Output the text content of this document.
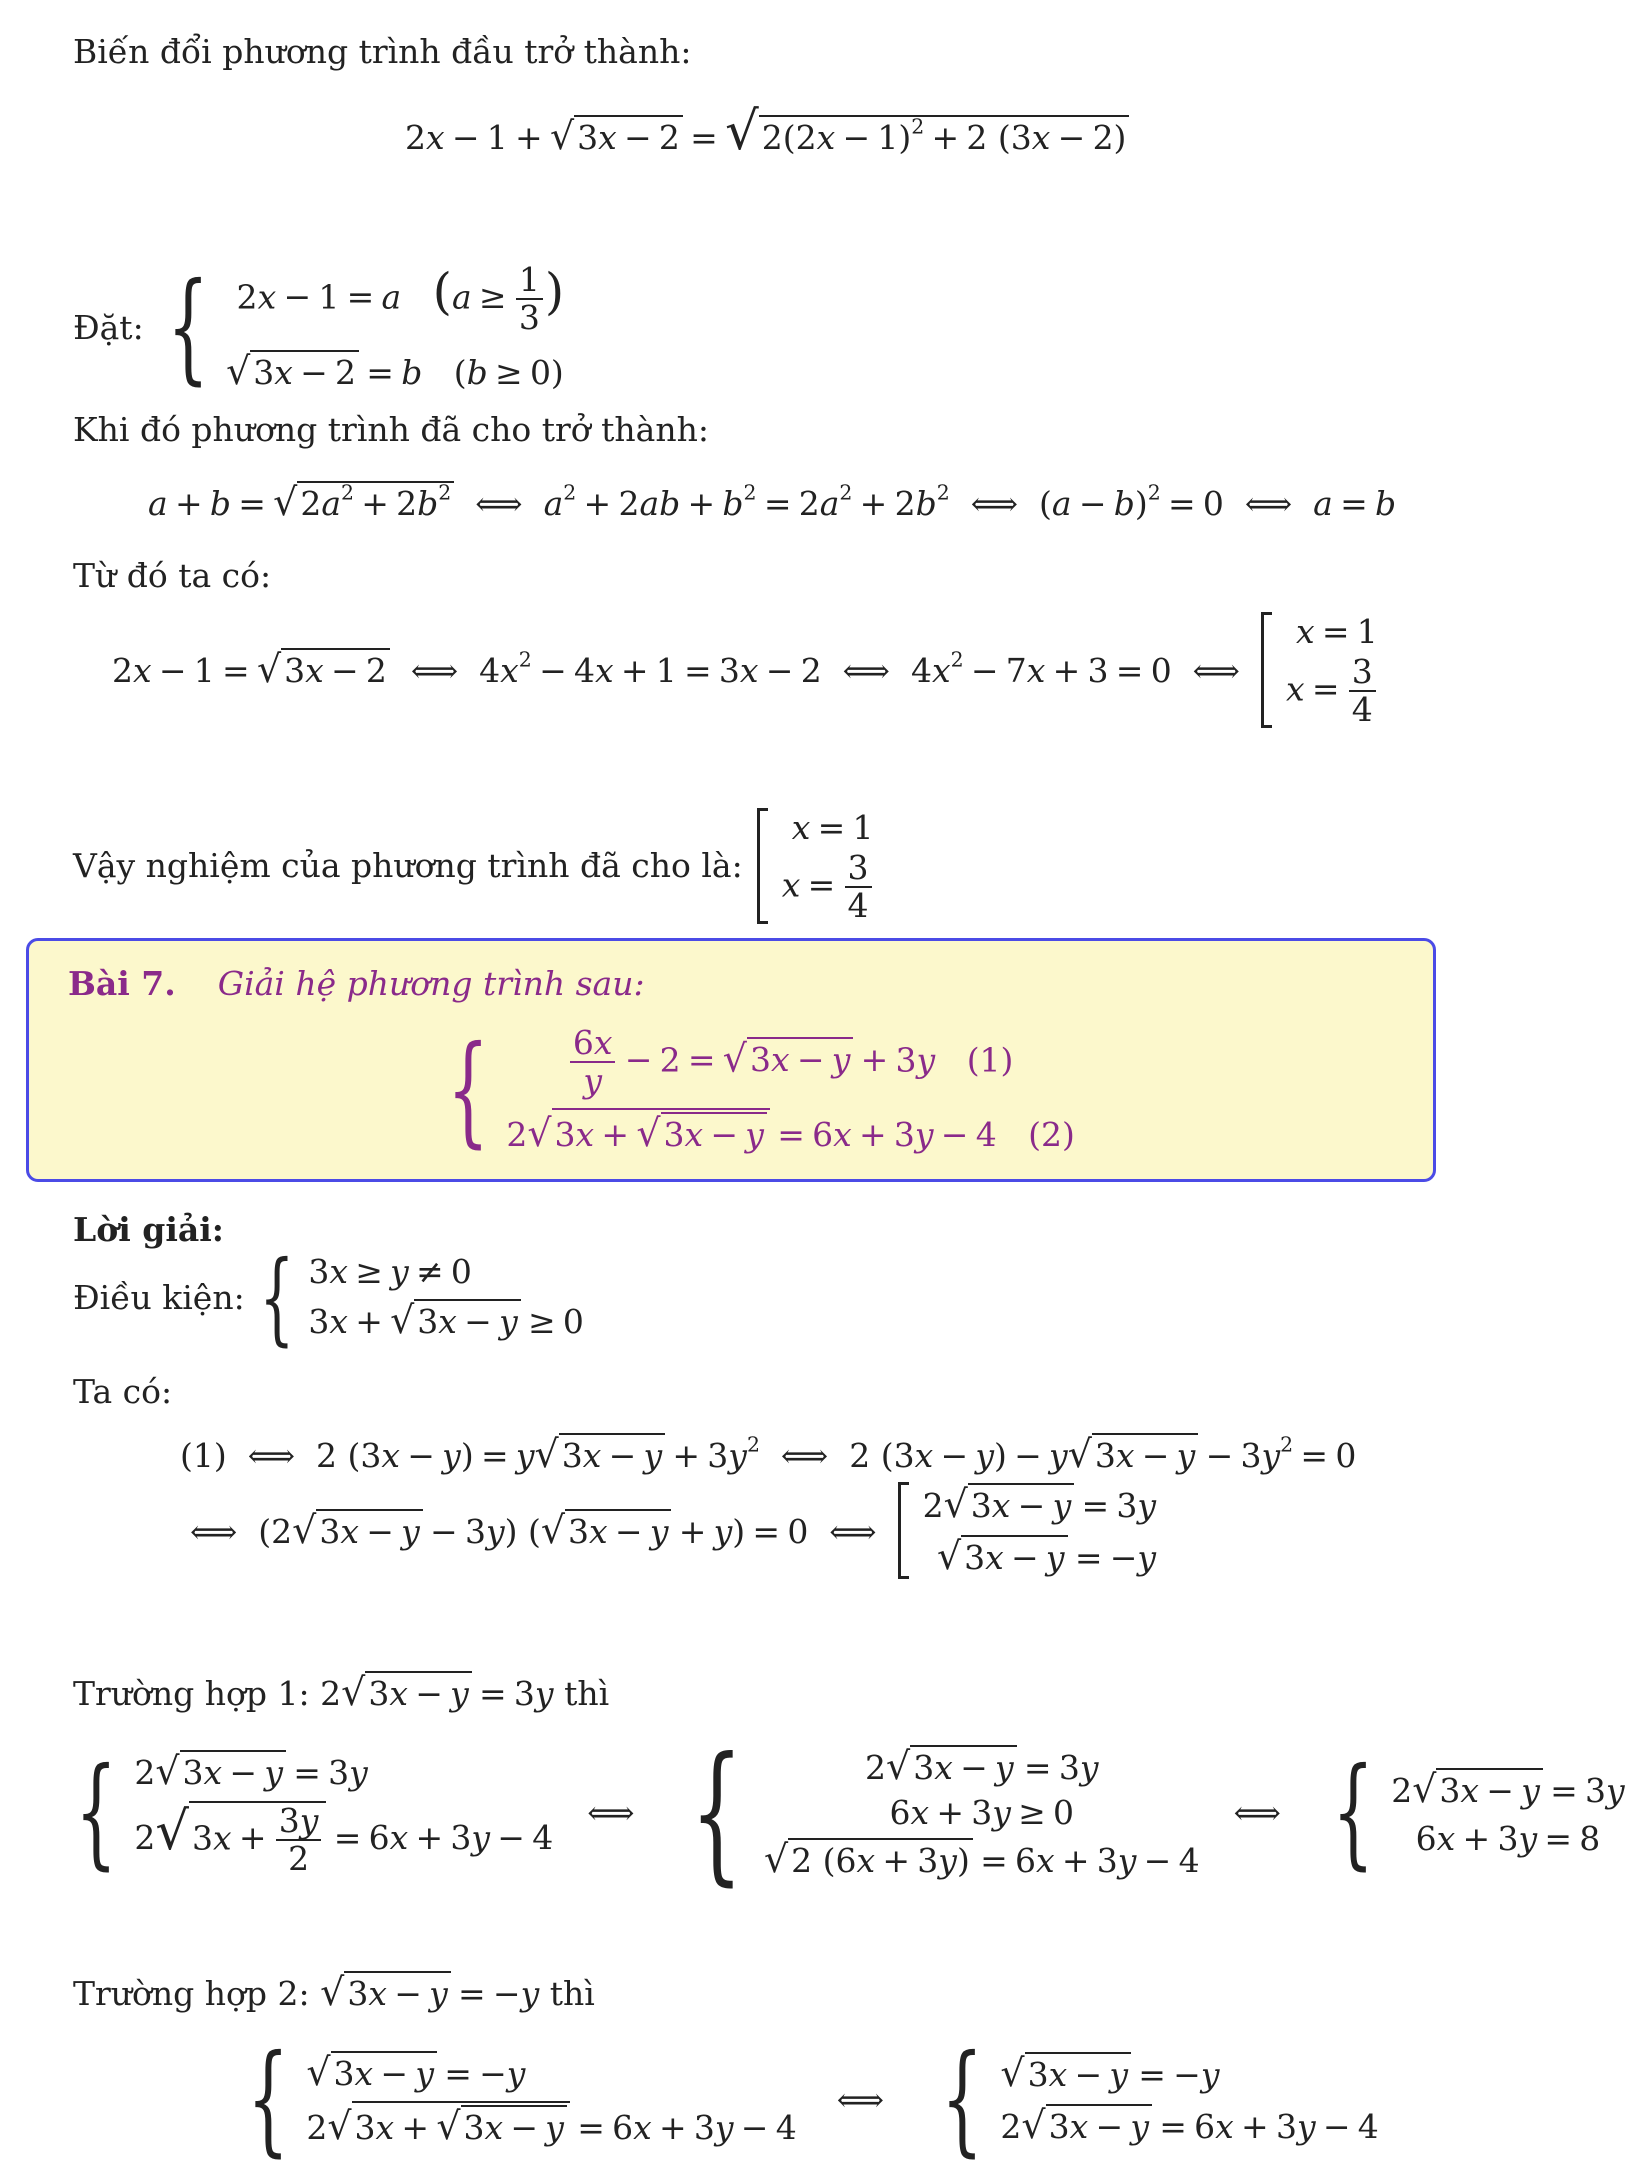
Biến đổi phương trình đầu trở thành:
$2x - 1 + √3x - 2 = √2(2x - 1)^2 + 2$ (3x − 2)
Đặt: { 2x − 1 = a ($a \ge \frac{1}{3}$ )
√3x − 2 = b   (b ≥ 0)
Khi đó phương trình đã cho trở thành:
$a + b = √2a^2 + 2b^2$  ⟺  $a^2 + 2ab + b^2 = 2a^2 + 2b^2$  ⟺  $(a - b)^2 = 0$  ⟺  a = b
Từ đó ta có:
2x − 1 = √3x − 2  ⟺  $4x^2 - 4x + 1 = 3x - 2$  ⟺  $4x^2 - 7x + 3 = 0$  ⟺
x = 1
$x = \frac{3}{4}$
Vậy nghiệm của phương trình đã cho là:
x = 1
$x = \frac{3}{4}$
Bài 7. Giải hệ phương trình sau:
{ $\frac{6x}{y} - 2 = √3x - y + 3y$ (1)
2√3x + √3x − y = 6x + 3y − 4   (2)
Lời giải:
Điều kiện: { 3x ≥ y ≠ 0
3x + √3x − y ≥ 0
Ta có:
(1)  ⟺  2 $(3x - y) = y√3x - y + 3y^2$  ⟺  2 $(3x - y) - y√3x - y - 3y^2 = 0$
⟺  (2√3x − y − 3y) (√3x − y + y) = 0  ⟺
2√3x − y = 3y
√3x − y = −y
Trường hợp 1: 2√3x − y = 3y thì
{ 2√3x − y = 3y
$2√3x + \frac{3y}{2} = 6x + 3y - 4$
⟺ {	2√3x − y = 3y
6x + 3y ≥ 0
√2 (6x + 3y) = 6x + 3y − 4
⟺ { 2√3x − y = 3y
6x + 3y = 8
Trường hợp 2: √3x − y = −y thì
{ √3x − y = −y
2√3x + √3x − y = 6x + 3y − 4
⟺ { √3x − y = −y
2√3x − y = 6x + 3y − 4
